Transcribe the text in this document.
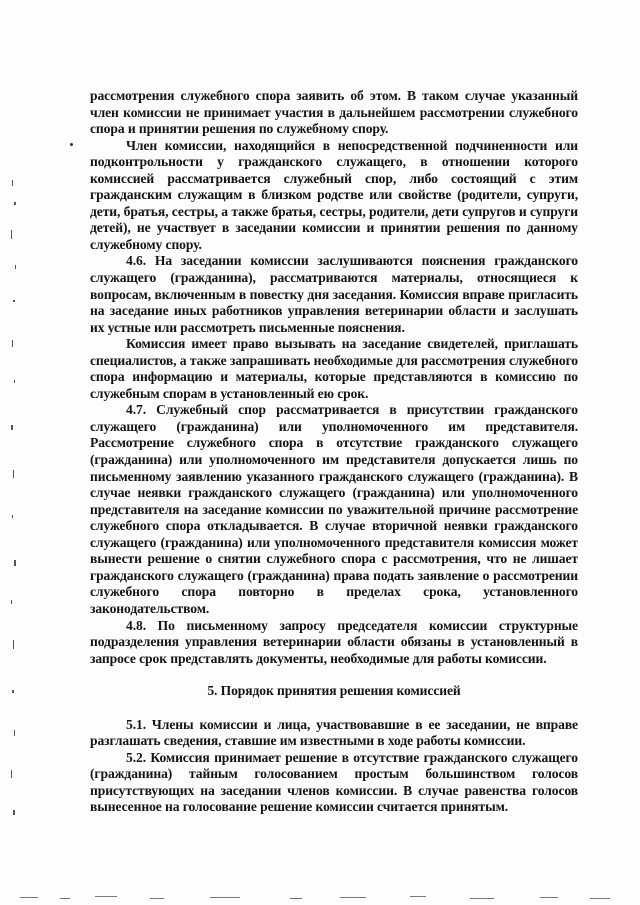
рассмотрения служебного спора заявить об этом. В таком случае указанный член комиссии не принимает участия в дальнейшем рассмотрении служебного спора и принятии решения по служебному спору.

Член комиссии, находящийся в непосредственной подчиненности или подконтрольности у гражданского служащего, в отношении которого комиссией рассматривается служебный спор, либо состоящий с этим гражданским служащим в близком родстве или свойстве (родители, супруги, дети, братья, сестры, а также братья, сестры, родители, дети супругов и супруги детей), не участвует в заседании комиссии и принятии решения по данному служебному спору.

4.6. На заседании комиссии заслушиваются пояснения гражданского служащего (гражданина), рассматриваются материалы, относящиеся к вопросам, включенным в повестку дня заседания. Комиссия вправе пригласить на заседание иных работников управления ветеринарии области и заслушать их устные или рассмотреть письменные пояснения.

Комиссия имеет право вызывать на заседание свидетелей, приглашать специалистов, а также запрашивать необходимые для рассмотрения служебного спора информацию и материалы, которые представляются в комиссию по служебным спорам в установленный ею срок.

4.7. Служебный спор рассматривается в присутствии гражданского служащего (гражданина) или уполномоченного им представителя. Рассмотрение служебного спора в отсутствие гражданского служащего (гражданина) или уполномоченного им представителя допускается лишь по письменному заявлению указанного гражданского служащего (гражданина). В случае неявки гражданского служащего (гражданина) или уполномоченного представителя на заседание комиссии по уважительной причине рассмотрение служебного спора откладывается. В случае вторичной неявки гражданского служащего (гражданина) или уполномоченного представителя комиссия может вынести решение о снятии служебного спора с рассмотрения, что не лишает гражданского служащего (гражданина) права подать заявление о рассмотрении служебного спора повторно в пределах срока, установленного законодательством.

4.8. По письменному запросу председателя комиссии структурные подразделения управления ветеринарии области обязаны в установленный в запросе срок представлять документы, необходимые для работы комиссии.

5. Порядок принятия решения комиссией

5.1. Члены комиссии и лица, участвовавшие в ее заседании, не вправе разглашать сведения, ставшие им известными в ходе работы комиссии.

5.2. Комиссия принимает решение в отсутствие гражданского служащего (гражданина) тайным голосованием простым большинством голосов присутствующих на заседании членов комиссии. В случае равенства голосов вынесенное на голосование решение комиссии считается принятым.
